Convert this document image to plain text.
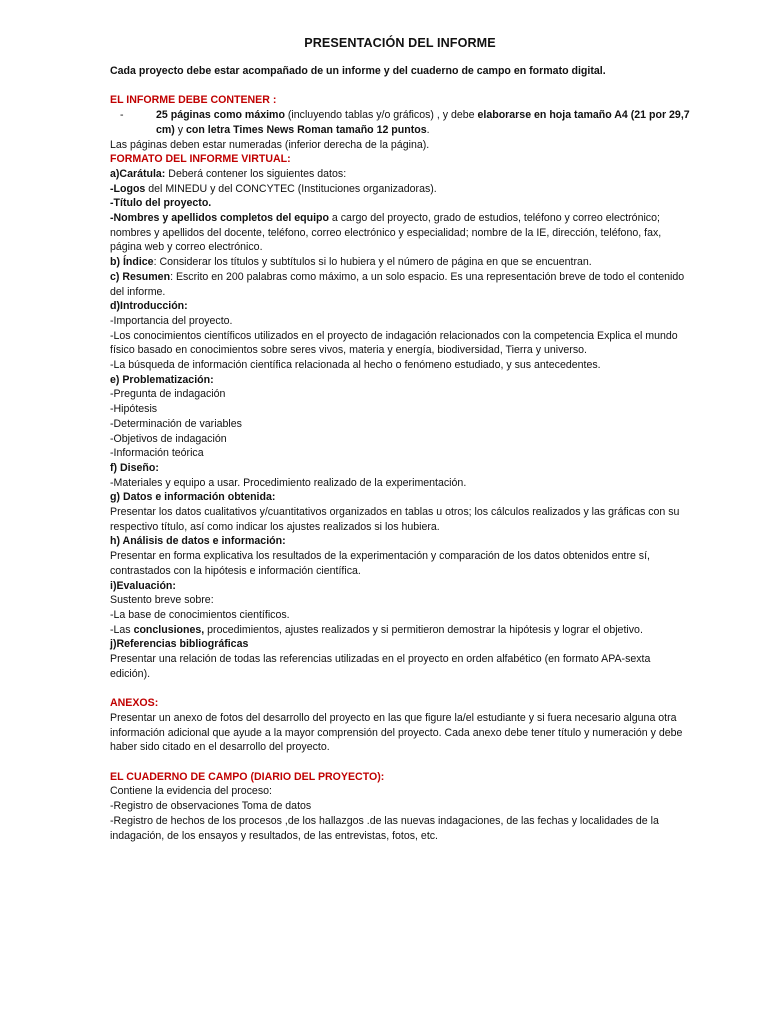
PRESENTACIÓN DEL INFORME

Cada proyecto debe estar acompañado de un informe y del cuaderno de campo en formato digital.

EL INFORME DEBE CONTENER :

-	25 páginas como máximo (incluyendo tablas y/o gráficos) , y debe elaborarse en hoja tamaño A4 (21 por 29,7 cm) y con letra Times News Roman tamaño 12 puntos.

Las páginas deben estar numeradas (inferior derecha de la página).

FORMATO DEL INFORME VIRTUAL:

a)Carátula: Deberá contener los siguientes datos:

-Logos del MINEDU y del CONCYTEC (Instituciones organizadoras).

-Título del proyecto.

-Nombres y apellidos completos del equipo a cargo del proyecto, grado de estudios, teléfono y correo electrónico; nombres y apellidos del docente, teléfono, correo electrónico y especialidad; nombre de la IE, dirección, teléfono, fax, página web y correo electrónico.

b) Índice: Considerar los títulos y subtítulos si lo hubiera y el número de página en que se encuentran.

c) Resumen: Escrito en 200 palabras como máximo, a un solo espacio. Es una representación breve de todo el contenido del informe.

d)Introducción:

-Importancia del proyecto.

-Los conocimientos científicos utilizados en el proyecto de indagación relacionados con la competencia Explica el mundo físico basado en conocimientos sobre seres vivos, materia y energía, biodiversidad, Tierra y universo.

-La búsqueda de información científica relacionada al hecho o fenómeno estudiado, y sus antecedentes.

e) Problematización:

-Pregunta de indagación

-Hipótesis

-Determinación de variables

-Objetivos de indagación

-Información teórica

f) Diseño:

-Materiales y equipo a usar. Procedimiento realizado de la experimentación.

g) Datos e información obtenida:

Presentar los datos cualitativos y/cuantitativos organizados en tablas u otros; los cálculos realizados y las gráficas con su respectivo título, así como indicar los ajustes realizados si los hubiera.

h) Análisis de datos e información:

Presentar en forma explicativa los resultados de la experimentación y comparación de los datos obtenidos entre sí, contrastados con la hipótesis e información científica.

i)Evaluación:

Sustento breve sobre:

-La base de conocimientos científicos.

-Las conclusiones, procedimientos, ajustes realizados y si permitieron demostrar la hipótesis y lograr el objetivo.

j)Referencias bibliográficas

Presentar una relación de todas las referencias utilizadas en el proyecto en orden alfabético (en formato APA-sexta edición).

ANEXOS:

Presentar un anexo de fotos del desarrollo del proyecto en las que figure la/el estudiante y si fuera necesario alguna otra información adicional que ayude a la mayor comprensión del proyecto. Cada anexo debe tener título y numeración y debe haber sido citado en el desarrollo del proyecto.

EL CUADERNO DE CAMPO (DIARIO DEL PROYECTO):

Contiene la evidencia del proceso:

-Registro de observaciones Toma de datos

-Registro de hechos de los procesos ,de los hallazgos .de las nuevas indagaciones, de las fechas y localidades de la indagación, de los ensayos y resultados, de las entrevistas, fotos, etc.
